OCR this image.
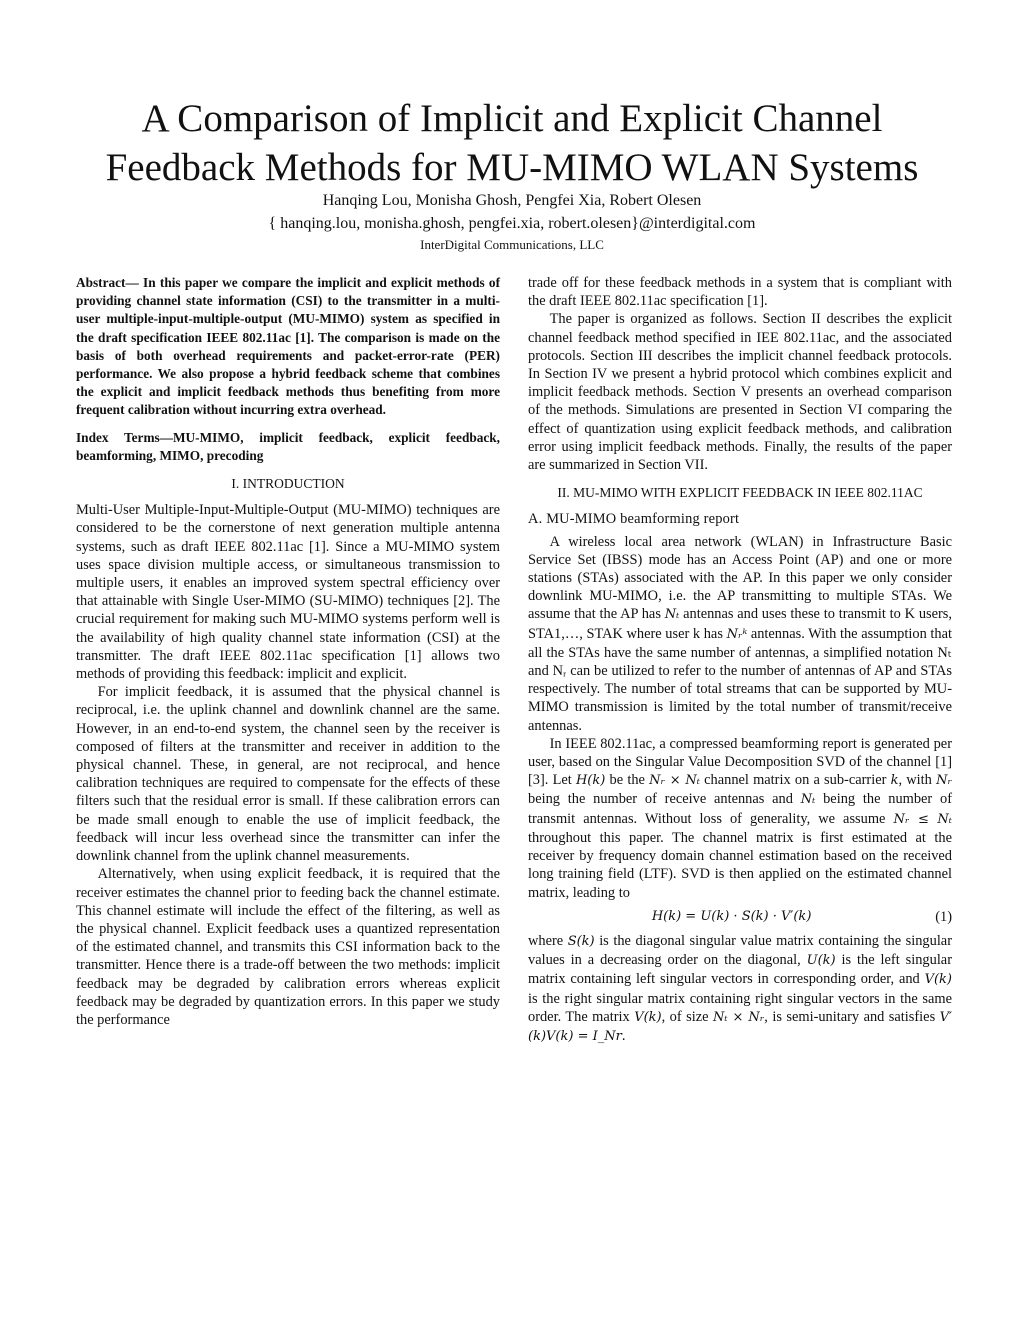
A Comparison of Implicit and Explicit Channel
Feedback Methods for MU-MIMO WLAN Systems
Hanqing Lou, Monisha Ghosh, Pengfei Xia, Robert Olesen
{ hanqing.lou, monisha.ghosh, pengfei.xia, robert.olesen}@interdigital.com
InterDigital Communications, LLC

Abstract— In this paper we compare the implicit and explicit methods of providing channel state information (CSI) to the transmitter in a multi-user multiple-input-multiple-output (MU-MIMO) system as specified in the draft specification IEEE 802.11ac [1]. The comparison is made on the basis of both overhead requirements and packet-error-rate (PER) performance. We also propose a hybrid feedback scheme that combines the explicit and implicit feedback methods thus benefiting from more frequent calibration without incurring extra overhead.

Index Terms—MU-MIMO, implicit feedback, explicit feedback, beamforming, MIMO, precoding

I. INTRODUCTION

Multi-User Multiple-Input-Multiple-Output (MU-MIMO) techniques are considered to be the cornerstone of next generation multiple antenna systems, such as draft IEEE 802.11ac [1]. Since a MU-MIMO system uses space division multiple access, or simultaneous transmission to multiple users, it enables an improved system spectral efficiency over that attainable with Single User-MIMO (SU-MIMO) techniques [2]. The crucial requirement for making such MU-MIMO systems perform well is the availability of high quality channel state information (CSI) at the transmitter. The draft IEEE 802.11ac specification [1] allows two methods of providing this feedback: implicit and explicit.

For implicit feedback, it is assumed that the physical channel is reciprocal, i.e. the uplink channel and downlink channel are the same. However, in an end-to-end system, the channel seen by the receiver is composed of filters at the transmitter and receiver in addition to the physical channel. These, in general, are not reciprocal, and hence calibration techniques are required to compensate for the effects of these filters such that the residual error is small. If these calibration errors can be made small enough to enable the use of implicit feedback, the feedback will incur less overhead since the transmitter can infer the downlink channel from the uplink channel measurements.

Alternatively, when using explicit feedback, it is required that the receiver estimates the channel prior to feeding back the channel estimate. This channel estimate will include the effect of the filtering, as well as the physical channel. Explicit feedback uses a quantized representation of the estimated channel, and transmits this CSI information back to the transmitter. Hence there is a trade-off between the two methods: implicit feedback may be degraded by calibration errors whereas explicit feedback may be degraded by quantization errors. In this paper we study the performance

trade off for these feedback methods in a system that is compliant with the draft IEEE 802.11ac specification [1].

The paper is organized as follows. Section II describes the explicit channel feedback method specified in IEE 802.11ac, and the associated protocols. Section III describes the implicit channel feedback protocols. In Section IV we present a hybrid protocol which combines explicit and implicit feedback methods. Section V presents an overhead comparison of the methods. Simulations are presented in Section VI comparing the effect of quantization using explicit feedback methods, and calibration error using implicit feedback methods. Finally, the results of the paper are summarized in Section VII.

II. MU-MIMO WITH EXPLICIT FEEDBACK IN IEEE 802.11AC

A. MU-MIMO beamforming report

A wireless local area network (WLAN) in Infrastructure Basic Service Set (IBSS) mode has an Access Point (AP) and one or more stations (STAs) associated with the AP. In this paper we only consider downlink MU-MIMO, i.e. the AP transmitting to multiple STAs. We assume that the AP has Nₜ antennas and uses these to transmit to K users, STA1,…, STAK where user k has Nᵣᵏ antennas. With the assumption that all the STAs have the same number of antennas, a simplified notation Nₜ and Nᵣ can be utilized to refer to the number of antennas of AP and STAs respectively. The number of total streams that can be supported by MU-MIMO transmission is limited by the total number of transmit/receive antennas.

In IEEE 802.11ac, a compressed beamforming report is generated per user, based on the Singular Value Decomposition SVD of the channel [1][3]. Let H(k) be the Nᵣ × Nₜ channel matrix on a sub-carrier k, with Nᵣ being the number of receive antennas and Nₜ being the number of transmit antennas. Without loss of generality, we assume Nᵣ ≤ Nₜ throughout this paper. The channel matrix is first estimated at the receiver by frequency domain channel estimation based on the received long training field (LTF). SVD is then applied on the estimated channel matrix, leading to

H(k) = U(k) · S(k) · V′(k)	(1)

where S(k) is the diagonal singular value matrix containing the singular values in a decreasing order on the diagonal, U(k) is the left singular matrix containing left singular vectors in corresponding order, and V(k) is the right singular matrix containing right singular vectors in the same order. The matrix V(k), of size Nₜ × Nᵣ, is semi-unitary and satisfies V′(k)V(k) = I_Nr.
